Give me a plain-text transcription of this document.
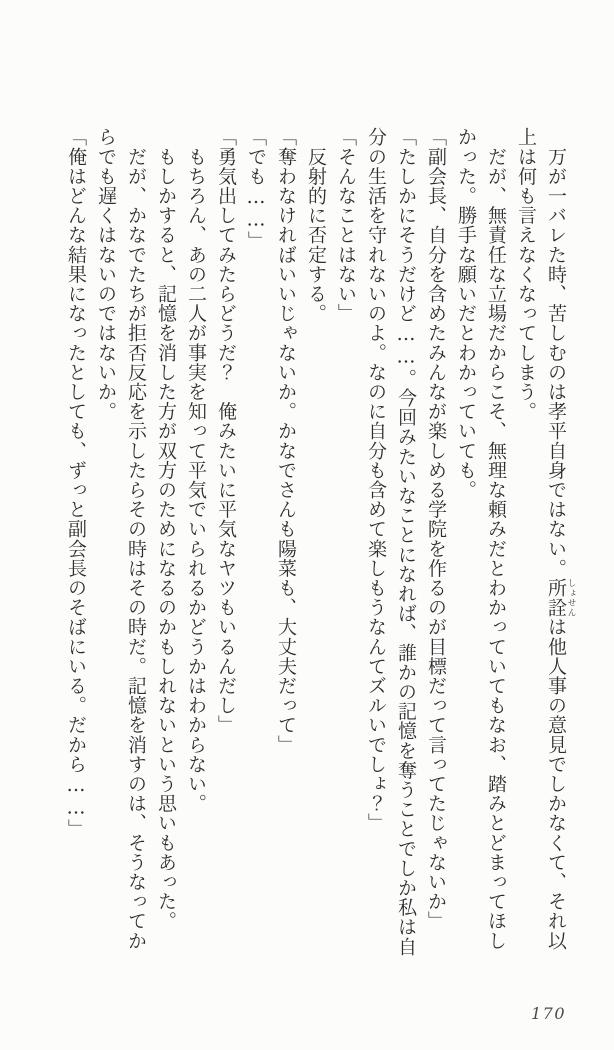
　万が一バレた時、苦しむのは孝平自身ではない。所詮 しょせんは他人事の意見でしかなくて、それ以
上は何も言えなくなってしまう。
　だが、無責任な立場だからこそ、無理な頼みだとわかっていてもなお、踏みとどまってほし
かった。勝手な願いだとわかっていても。
「副会長、自分を含めたみんなが楽しめる学院を作るのが目標だって言ってたじゃないか」
「たしかにそうだけど……。今回みたいなことになれば、誰かの記憶を奪うことでしか私は自
分の生活を守れないのよ。なのに自分も含めて楽しもうなんてズルいでしょ？」
「そんなことはない」
　反射的に否定する。
「奪わなければいいじゃないか。かなでさんも陽菜も、大丈夫だって」
「でも……」
「勇気出してみたらどうだ？　俺みたいに平気なヤツもいるんだし」
　もちろん、あの二人が事実を知って平気でいられるかどうかはわからない。
　もしかすると、記憶を消した方が双方のためになるのかもしれないという思いもあった。
　だが、かなでたちが拒否反応を示したらその時はその時だ。記憶を消すのは、そうなってか
らでも遅くはないのではないか。
「俺はどんな結果になったとしても、ずっと副会長のそばにいる。だから……」
170
